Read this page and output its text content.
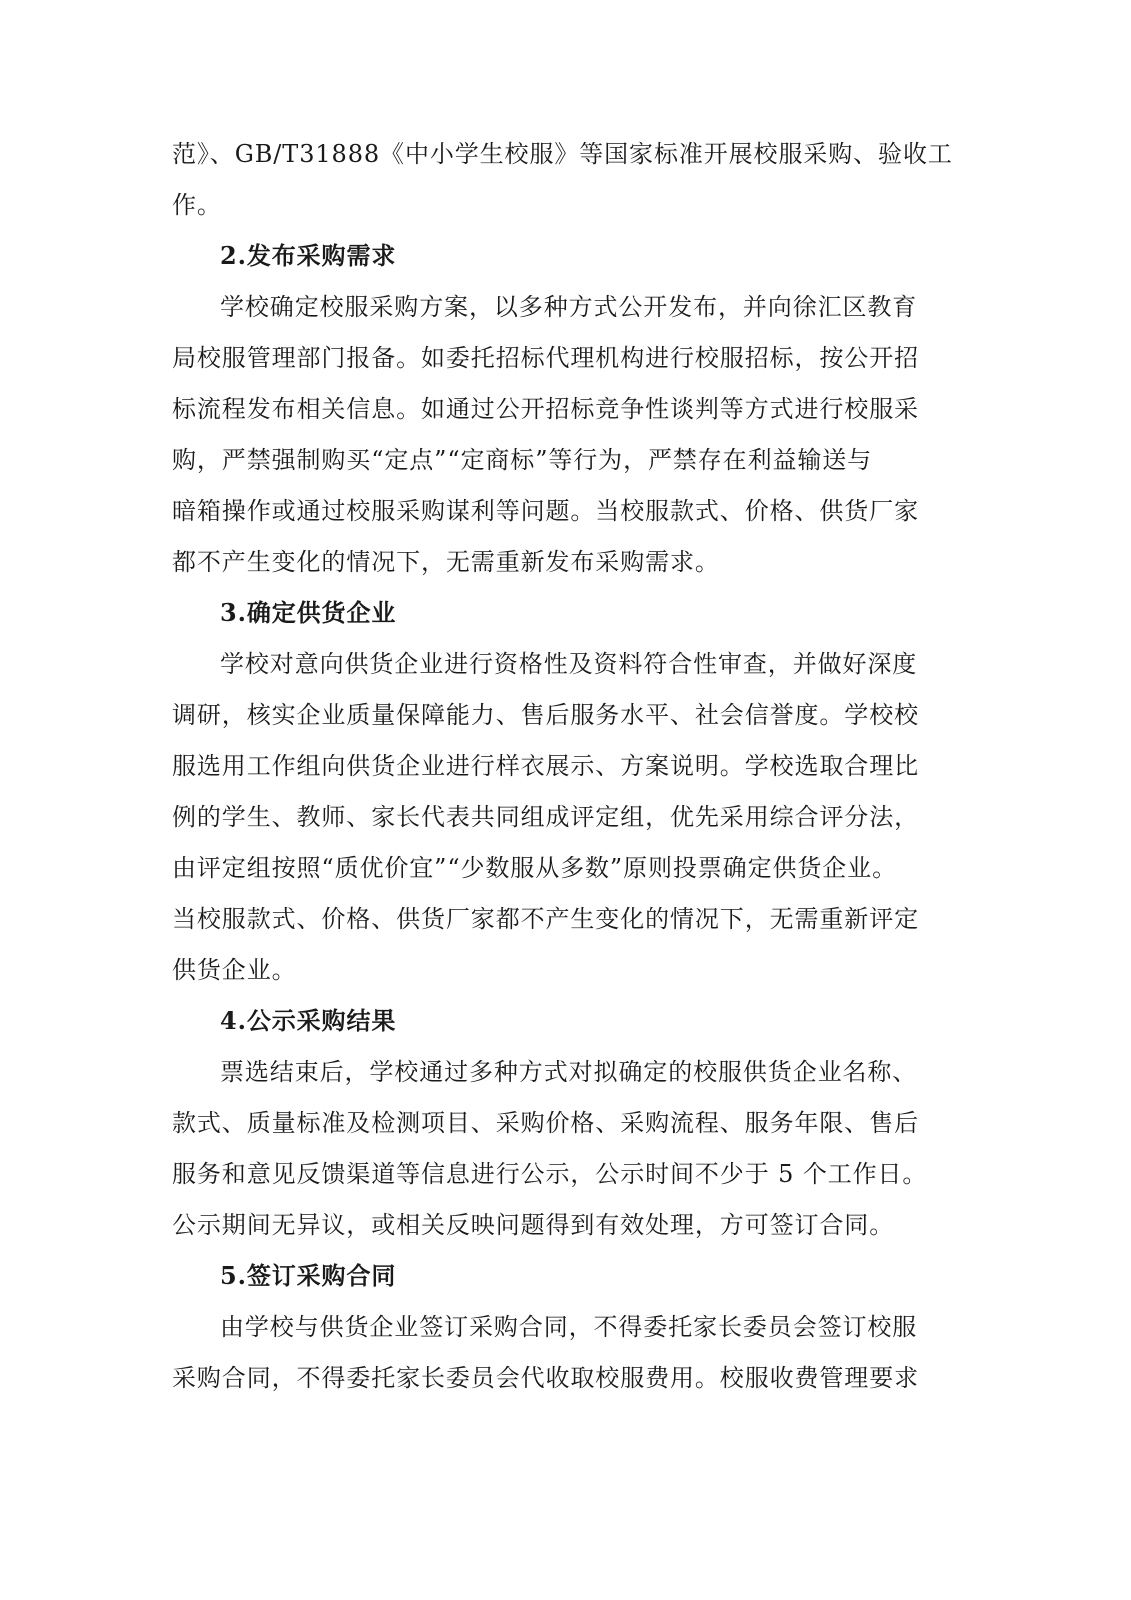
范》、GB/T31888《中小学生校服》等国家标准开展校服采购、验收工
作。
2.发布采购需求
学校确定校服采购方案，以多种方式公开发布，并向徐汇区教育
局校服管理部门报备。如委托招标代理机构进行校服招标，按公开招
标流程发布相关信息。如通过公开招标竞争性谈判等方式进行校服采
购，严禁强制购买“定点”“定商标”等行为，严禁存在利益输送与
暗箱操作或通过校服采购谋利等问题。当校服款式、价格、供货厂家
都不产生变化的情况下，无需重新发布采购需求。
3.确定供货企业
学校对意向供货企业进行资格性及资料符合性审查，并做好深度
调研，核实企业质量保障能力、售后服务水平、社会信誉度。学校校
服选用工作组向供货企业进行样衣展示、方案说明。学校选取合理比
例的学生、教师、家长代表共同组成评定组，优先采用综合评分法，
由评定组按照“质优价宜”“少数服从多数”原则投票确定供货企业。
当校服款式、价格、供货厂家都不产生变化的情况下，无需重新评定
供货企业。
4.公示采购结果
票选结束后，学校通过多种方式对拟确定的校服供货企业名称、
款式、质量标准及检测项目、采购价格、采购流程、服务年限、售后
服务和意见反馈渠道等信息进行公示，公示时间不少于 5 个工作日。
公示期间无异议，或相关反映问题得到有效处理，方可签订合同。
5.签订采购合同
由学校与供货企业签订采购合同，不得委托家长委员会签订校服
采购合同，不得委托家长委员会代收取校服费用。校服收费管理要求
